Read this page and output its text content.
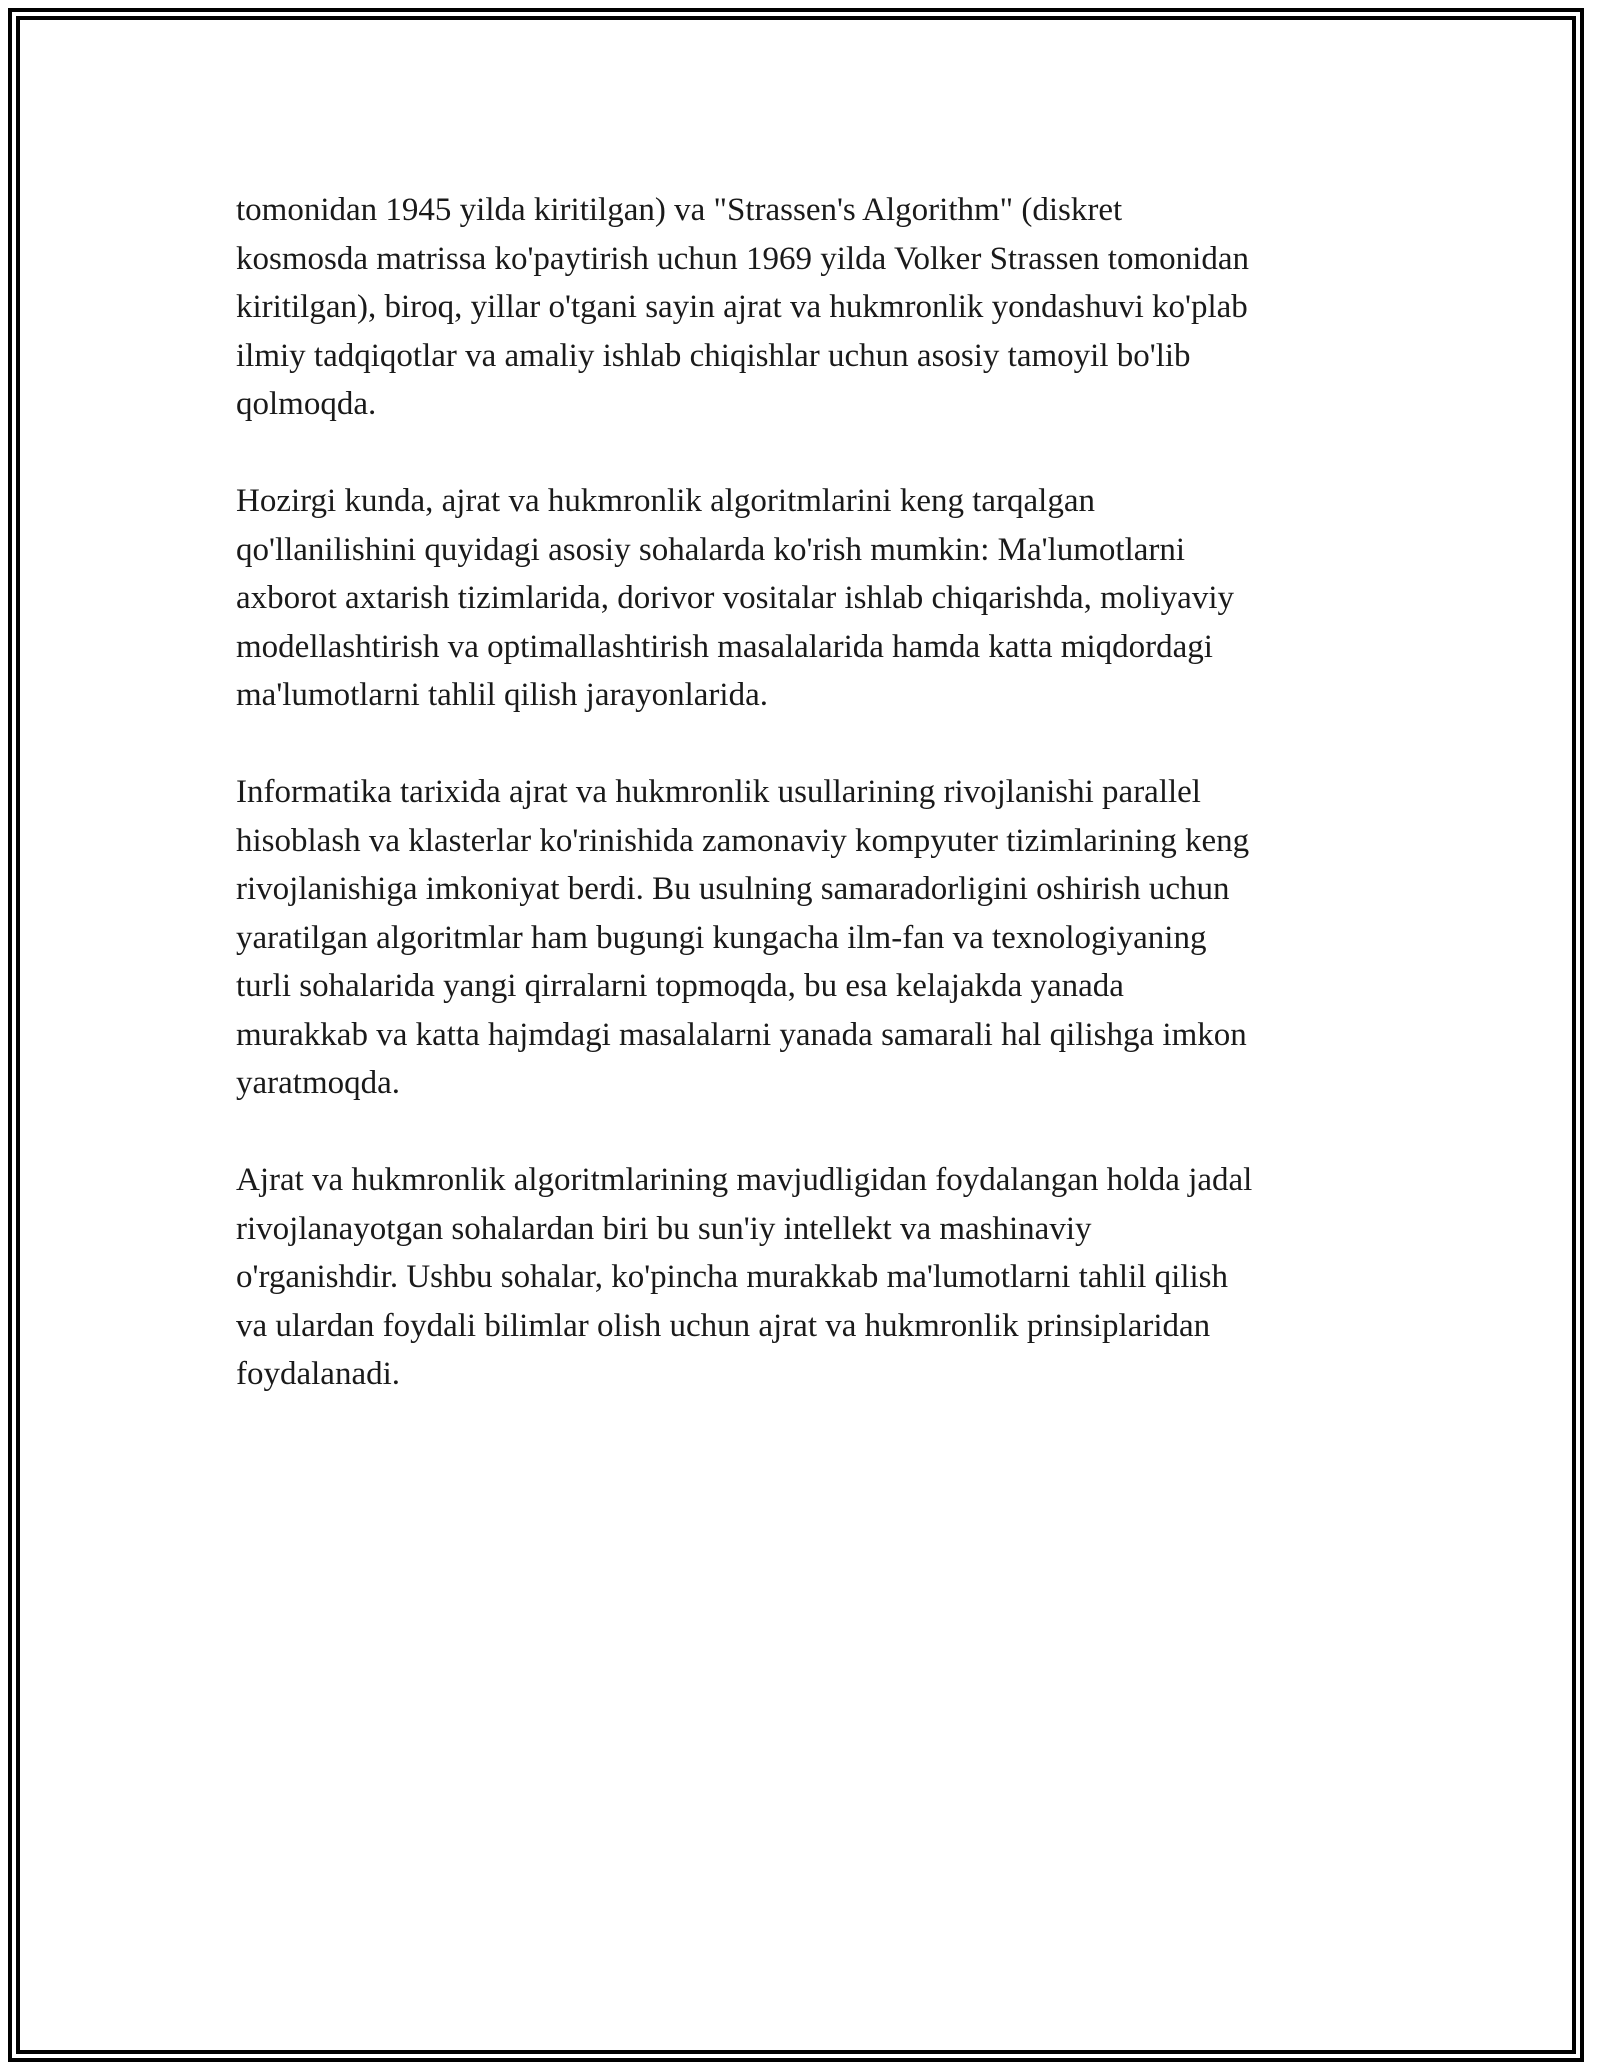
tomonidan 1945 yilda kiritilgan) va "Strassen's Algorithm" (diskret
kosmosda matrissa ko'paytirish uchun 1969 yilda Volker Strassen tomonidan
kiritilgan), biroq, yillar o'tgani sayin ajrat va hukmronlik yondashuvi ko'plab
ilmiy tadqiqotlar va amaliy ishlab chiqishlar uchun asosiy tamoyil bo'lib
qolmoqda.

Hozirgi kunda, ajrat va hukmronlik algoritmlarini keng tarqalgan
qo'llanilishini quyidagi asosiy sohalarda ko'rish mumkin: Ma'lumotlarni
axborot axtarish tizimlarida, dorivor vositalar ishlab chiqarishda, moliyaviy
modellashtirish va optimallashtirish masalalarida hamda katta miqdordagi
ma'lumotlarni tahlil qilish jarayonlarida.

Informatika tarixida ajrat va hukmronlik usullarining rivojlanishi parallel
hisoblash va klasterlar ko'rinishida zamonaviy kompyuter tizimlarining keng
rivojlanishiga imkoniyat berdi. Bu usulning samaradorligini oshirish uchun
yaratilgan algoritmlar ham bugungi kungacha ilm-fan va texnologiyaning
turli sohalarida yangi qirralarni topmoqda, bu esa kelajakda yanada
murakkab va katta hajmdagi masalalarni yanada samarali hal qilishga imkon
yaratmoqda.

Ajrat va hukmronlik algoritmlarining mavjudligidan foydalangan holda jadal
rivojlanayotgan sohalardan biri bu sun'iy intellekt va mashinaviy
o'rganishdir. Ushbu sohalar, ko'pincha murakkab ma'lumotlarni tahlil qilish
va ulardan foydali bilimlar olish uchun ajrat va hukmronlik prinsiplaridan
foydalanadi.
